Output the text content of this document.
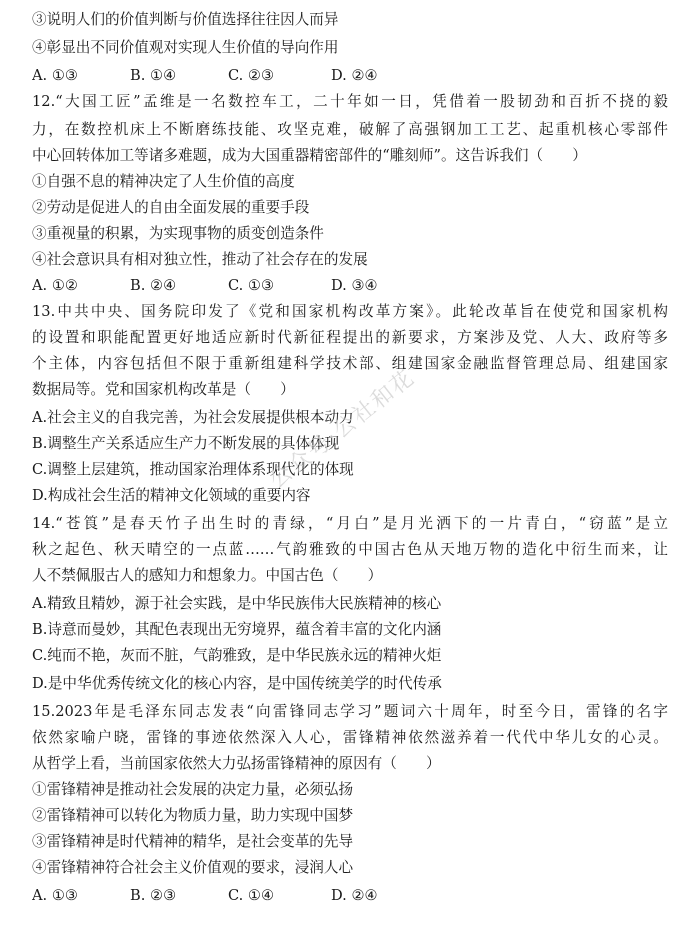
③说明人们的价值判断与价值选择往往因人而异
④彰显出不同价值观对实现人生价值的导向作用
A. ①③	B. ①④	C. ②③	D. ②④
12.“大国工匠”孟维是一名数控车工，二十年如一日，凭借着一股韧劲和百折不挠的毅
力，在数控机床上不断磨练技能、攻坚克难，破解了高强钢加工工艺、起重机核心零部件
中心回转体加工等诸多难题，成为大国重器精密部件的“雕刻师”。这告诉我们（　　）
①自强不息的精神决定了人生价值的高度
②劳动是促进人的自由全面发展的重要手段
③重视量的积累，为实现事物的质变创造条件
④社会意识具有相对独立性，推动了社会存在的发展
A. ①②	B. ②④	C. ①③	D. ③④
13.中共中央、国务院印发了《党和国家机构改革方案》。此轮改革旨在使党和国家机构
的设置和职能配置更好地适应新时代新征程提出的新要求，方案涉及党、人大、政府等多
个主体，内容包括但不限于重新组建科学技术部、组建国家金融监督管理总局、组建国家
数据局等。党和国家机构改革是（　　）
A.社会主义的自我完善，为社会发展提供根本动力
B.调整生产关系适应生产力不断发展的具体体现
C.调整上层建筑，推动国家治理体系现代化的体现
D.构成社会生活的精神文化领域的重要内容
14.“苍筤”是春天竹子出生时的青绿，“月白”是月光洒下的一片青白，“窃蓝”是立
秋之起色、秋天晴空的一点蓝……气韵雅致的中国古色从天地万物的造化中衍生而来，让
人不禁佩服古人的感知力和想象力。中国古色（　　）
A.精致且精妙，源于社会实践，是中华民族伟大民族精神的核心
B.诗意而曼妙，其配色表现出无穷境界，蕴含着丰富的文化内涵
C.纯而不艳，灰而不脏，气韵雅致，是中华民族永远的精神火炬
D.是中华优秀传统文化的核心内容，是中国传统美学的时代传承
15.2023年是毛泽东同志发表“向雷锋同志学习”题词六十周年，时至今日，雷锋的名字
依然家喻户晓，雷锋的事迹依然深入人心，雷锋精神依然滋养着一代代中华儿女的心灵。
从哲学上看，当前国家依然大力弘扬雷锋精神的原因有（　　）
①雷锋精神是推动社会发展的决定力量，必须弘扬
②雷锋精神可以转化为物质力量，助力实现中国梦
③雷锋精神是时代精神的精华，是社会变革的先导
④雷锋精神符合社会主义价值观的要求，浸润人心
A. ①③	B. ②③	C. ①④	D. ②④
公众号·公社和花
